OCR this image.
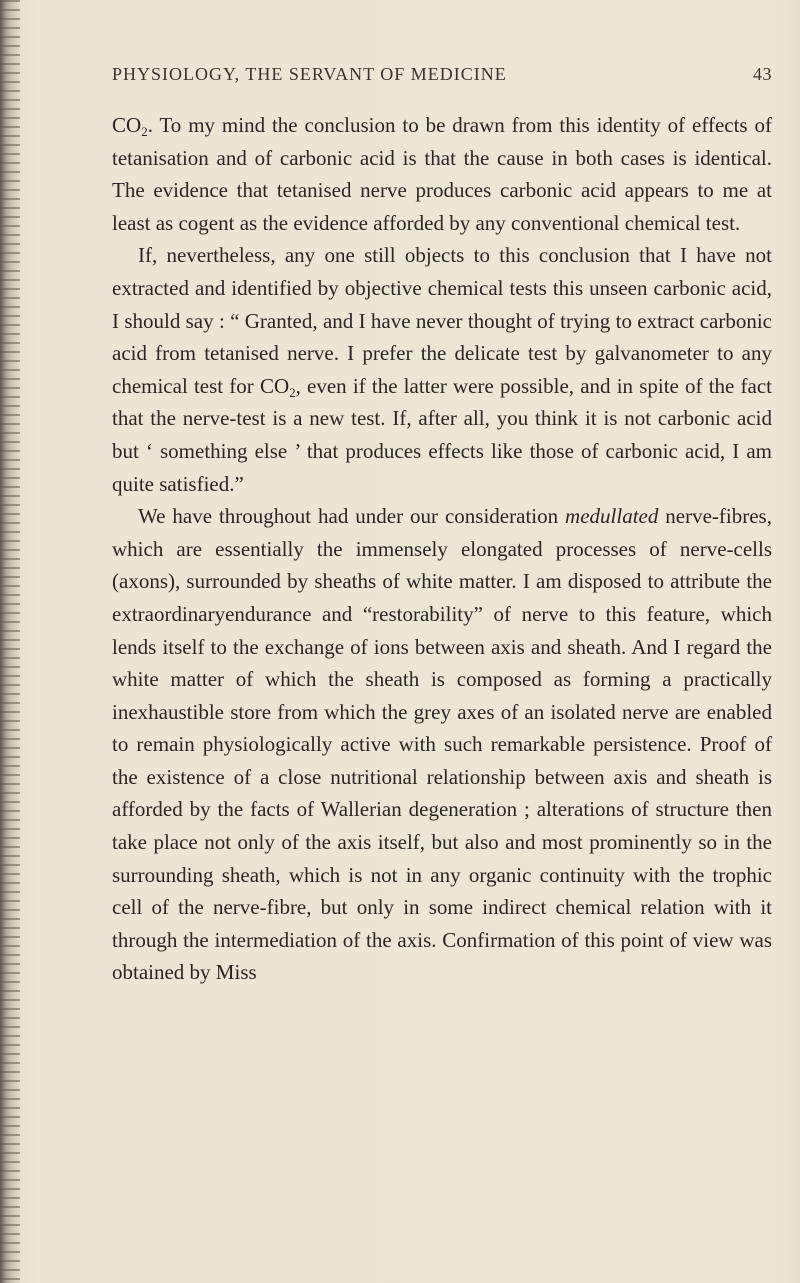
PHYSIOLOGY, THE SERVANT OF MEDICINE	43

$CO_2$. To my mind the conclusion to be drawn from this identity of effects of tetanisation and of carbonic acid is that the cause in both cases is identical. The evidence that tetanised nerve produces carbonic acid appears to me at least as cogent as the evidence afforded by any conventional chemical test.

If, nevertheless, any one still objects to this conclusion that I have not extracted and identified by objective chemical tests this unseen carbonic acid, I should say : “ Granted, and I have never thought of trying to extract carbonic acid from tetanised nerve. I prefer the delicate test by galvanometer to any chemical test for $CO_2$, even if the latter were possible, and in spite of the fact that the nerve-test is a new test. If, after all, you think it is not carbonic acid but ‘ something else ’ that produces effects like those of carbonic acid, I am quite satisfied.”

We have throughout had under our consideration medullated nerve-fibres, which are essentially the immensely elongated processes of nerve-cells (axons), surrounded by sheaths of white matter. I am disposed to attribute the extraordinaryendurance and “restorability” of nerve to this feature, which lends itself to the exchange of ions between axis and sheath. And I regard the white matter of which the sheath is composed as forming a practically inexhaustible store from which the grey axes of an isolated nerve are enabled to remain physiologically active with such remarkable persistence. Proof of the existence of a close nutritional relationship between axis and sheath is afforded by the facts of Wallerian degeneration ; alterations of structure then take place not only of the axis itself, but also and most prominently so in the surrounding sheath, which is not in any organic continuity with the trophic cell of the nerve-fibre, but only in some indirect chemical relation with it through the intermediation of the axis. Confirmation of this point of view was obtained by Miss
